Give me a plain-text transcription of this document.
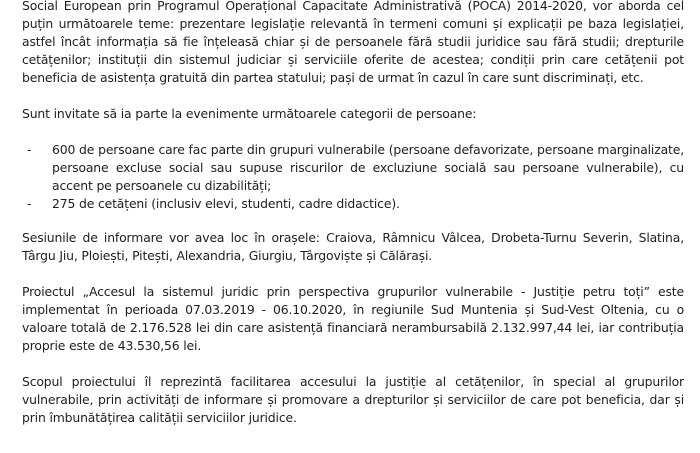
Social European prin Programul Operațional Capacitate Administrativă (POCA) 2014-2020, vor aborda cel puțin următoarele teme: prezentare legislație relevantă în termeni comuni și explicații pe baza legislației, astfel încât informația să fie înțeleasă chiar și de persoanele fără studii juridice sau fără studii; drepturile cetățenilor; instituții din sistemul judiciar și serviciile oferite de acestea; condiții prin care cetățenii pot beneficia de asistența gratuită din partea statului; pași de urmat în cazul în care sunt discriminați, etc.

Sunt invitate să ia parte la evenimente următoarele categorii de persoane:

- 600 de persoane care fac parte din grupuri vulnerabile (persoane defavorizate, persoane marginalizate, persoane excluse social sau supuse riscurilor de excluziune socială sau persoane vulnerabile), cu accent pe persoanele cu dizabilități;
- 275 de cetățeni (inclusiv elevi, studenti, cadre didactice).

Sesiunile de informare vor avea loc în orașele: Craiova, Râmnicu Vâlcea, Drobeta-Turnu Severin, Slatina, Târgu Jiu, Ploiești, Pitești, Alexandria, Giurgiu, Târgoviște și Călărași.

Proiectul „Accesul la sistemul juridic prin perspectiva grupurilor vulnerabile - Justiție petru toți” este implementat în perioada 07.03.2019 - 06.10.2020, în regiunile Sud Muntenia și Sud-Vest Oltenia, cu o valoare totală de 2.176.528 lei din care asistență financiară nerambursabilă 2.132.997,44 lei, iar contribuția proprie este de 43.530,56 lei.

Scopul proiectului îl reprezintă facilitarea accesului la justiție al cetățenilor, în special al grupurilor vulnerabile, prin activități de informare și promovare a drepturilor și serviciilor de care pot beneficia, dar și prin îmbunătățirea calității serviciilor juridice.
